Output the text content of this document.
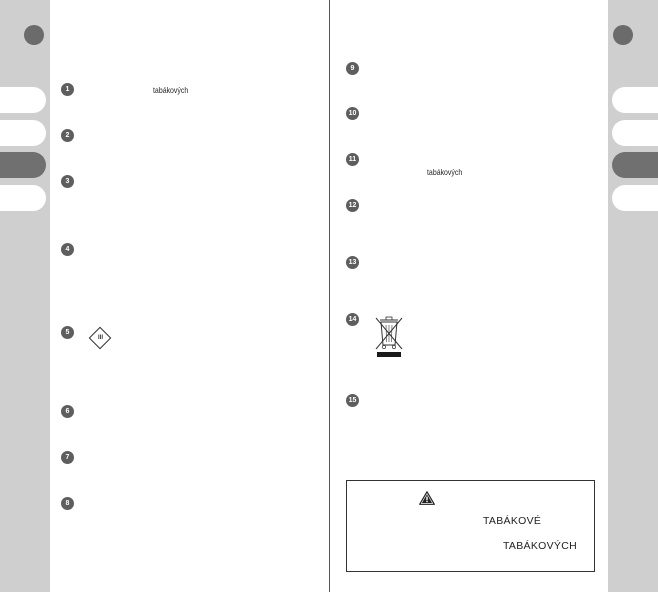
1	tabákových
2
3
4
5
III
6
7
8
9
10
11
tabákových
12
13
14
15
TABÁKOVÉ
TABÁKOVÝCH
